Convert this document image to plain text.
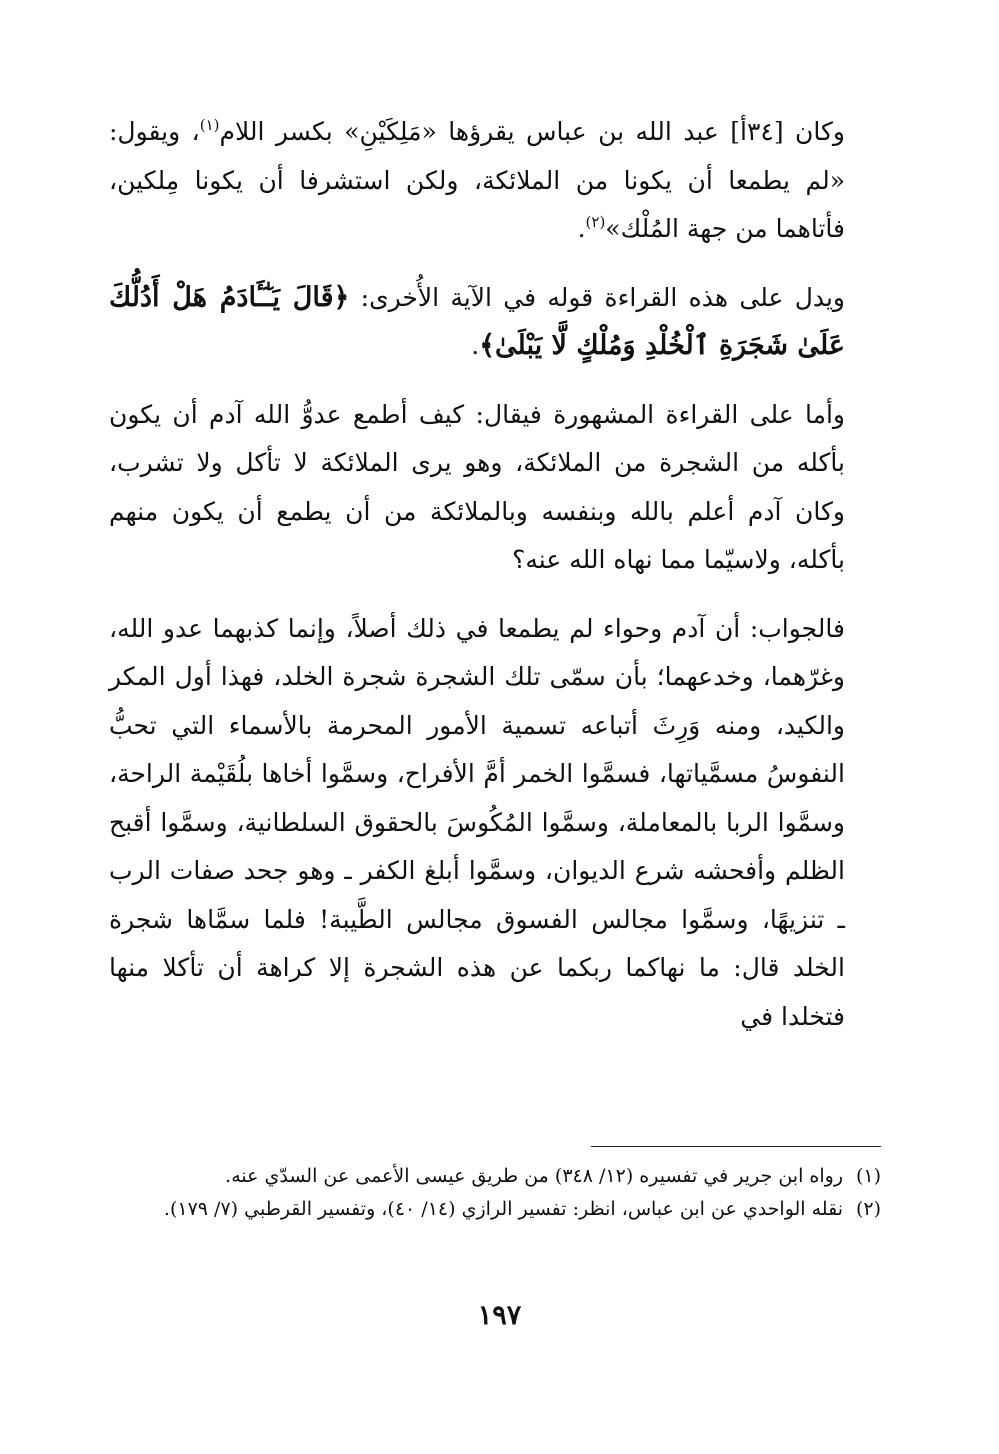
وكان [٣٤أ] عبد الله بن عباس يقرؤها «مَلِكَيْنِ» بكسر اللام$^{(١)}$، ويقول: «لم يطمعا أن يكونا من الملائكة، ولكن استشرفا أن يكونا مِلكين، فأتاهما من جهة المُلْك»$^{(٢)}$.

ويدل على هذه القراءة قوله في الآية الأُخرى: ﴿قَالَ يَـٰٓـَٔادَمُ هَلْ أَدُلُّكَ عَلَىٰ شَجَرَةِ ٱلْخُلْدِ وَمُلْكٍ لَّا يَبْلَىٰ﴾.

وأما على القراءة المشهورة فيقال: كيف أطمع عدوُّ الله آدم أن يكون بأكله من الشجرة من الملائكة، وهو يرى الملائكة لا تأكل ولا تشرب، وكان آدم أعلم بالله وبنفسه وبالملائكة من أن يطمع أن يكون منهم بأكله، ولاسيّما مما نهاه الله عنه؟

فالجواب: أن آدم وحواء لم يطمعا في ذلك أصلاً، وإنما كذبهما عدو الله، وغرّهما، وخدعهما؛ بأن سمّى تلك الشجرة شجرة الخلد، فهذا أول المكر والكيد، ومنه وَرِثَ أتباعه تسمية الأمور المحرمة بالأسماء التي تحبُّ النفوسُ مسمَّياتها، فسمَّوا الخمر أمَّ الأفراح، وسمَّوا أخاها بلُقَيْمة الراحة، وسمَّوا الربا بالمعاملة، وسمَّوا المُكُوسَ بالحقوق السلطانية، وسمَّوا أقبح الظلم وأفحشه شرع الديوان، وسمَّوا أبلغ الكفر ـ وهو جحد صفات الرب ـ تنزيهًا، وسمَّوا مجالس الفسوق مجالس الطَّيبة! فلما سمَّاها شجرة الخلد قال: ما نهاكما ربكما عن هذه الشجرة إلا كراهة أن تأكلا منها فتخلدا في

(١)
رواه ابن جرير في تفسيره (١٢/ ٣٤٨) من طريق عيسى الأعمى عن السدّي عنه.
(٢)
نقله الواحدي عن ابن عباس، انظر: تفسير الرازي (١٤/ ٤٠)، وتفسير القرطبي (٧/ ١٧٩).
١٩٧
